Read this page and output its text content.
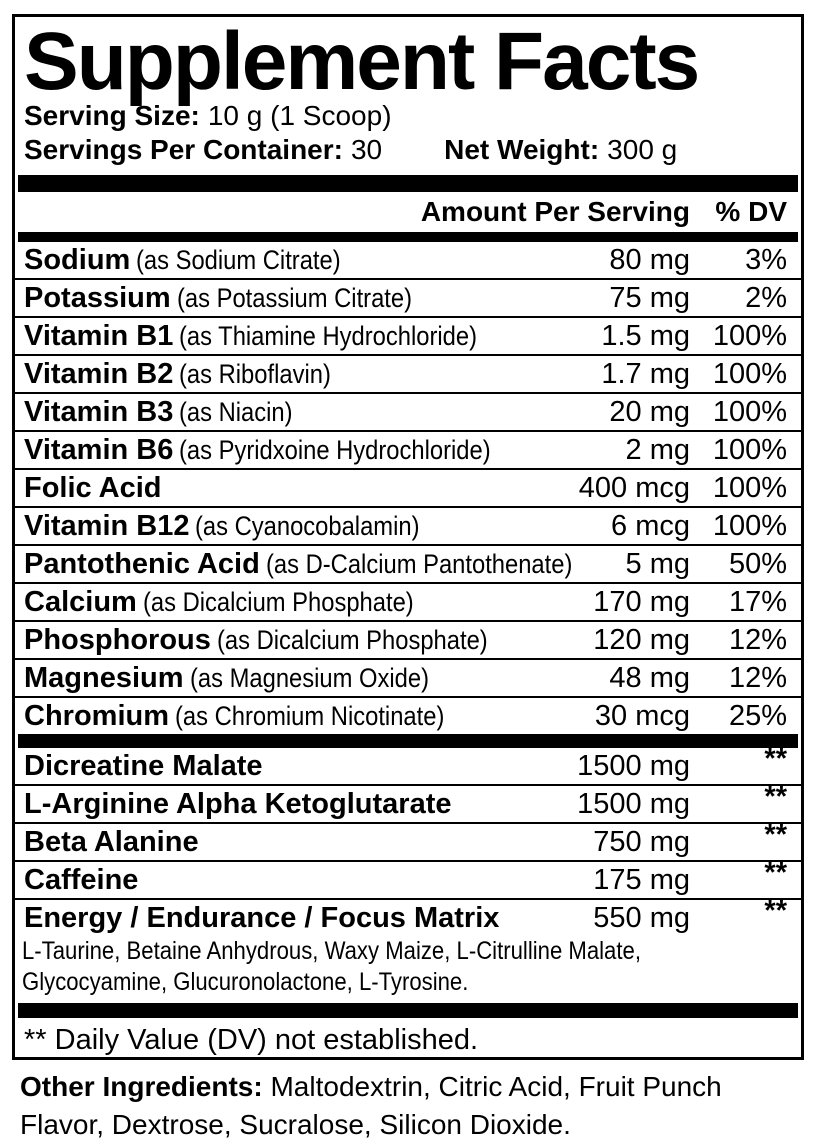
Supplement Facts
Serving Size: 10 g (1 Scoop)
Servings Per Container: 30 Net Weight: 300 g
Amount Per Serving % DV
Sodium (as Sodium Citrate)	80 mg	3%
Potassium (as Potassium Citrate)	75 mg	2%
Vitamin B1 (as Thiamine Hydrochloride)	1.5 mg 100%
Vitamin B2 (as Riboflavin)	1.7 mg 100%
Vitamin B3 (as Niacin)	20 mg 100%
Vitamin B6 (as Pyridxoine Hydrochloride)	2 mg 100%
Folic Acid	400 mcg 100%
Vitamin B12 (as Cyanocobalamin)	6 mcg 100%
Pantothenic Acid (as D-Calcium Pantothenate)	5 mg	50%
Calcium (as Dicalcium Phosphate)	170 mg	17%
Phosphorous (as Dicalcium Phosphate)	120 mg	12%
Magnesium (as Magnesium Oxide)	48 mg	12%
Chromium (as Chromium Nicotinate)	30 mcg	25%
Dicreatine Malate	1500 mg	**
L-Arginine Alpha Ketoglutarate	1500 mg	**
Beta Alanine	750 mg	**
Caffeine	175 mg	**
Energy / Endurance / Focus Matrix	550 mg	**
L-Taurine, Betaine Anhydrous, Waxy Maize, L-Citrulline Malate, Glycocyamine, Glucuronolactone, L-Tyrosine.
** Daily Value (DV) not established.

Other Ingredients: Maltodextrin, Citric Acid, Fruit Punch Flavor, Dextrose, Sucralose, Silicon Dioxide.
